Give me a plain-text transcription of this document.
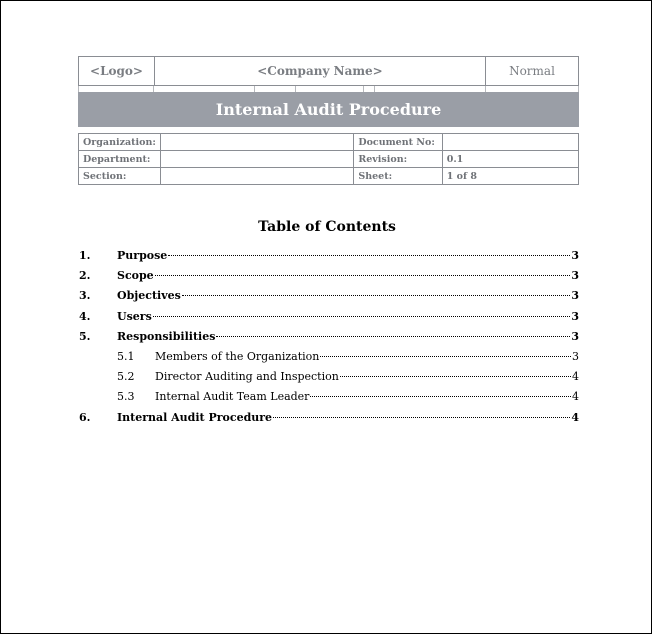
<Logo>	<Company Name>	Normal
Internal Audit Procedure
Organization:		Document No:	
Department:		Revision:	0.1
Section:		Sheet:	1 of 8
Table of Contents
1.	Purpose	3
2.	Scope	3
3.	Objectives	3
4.	Users	3
5.	Responsibilities	3
5.1	Members of the Organization	3
5.2	Director Auditing and Inspection	4
5.3	Internal Audit Team Leader	4
6.	Internal Audit Procedure	4
